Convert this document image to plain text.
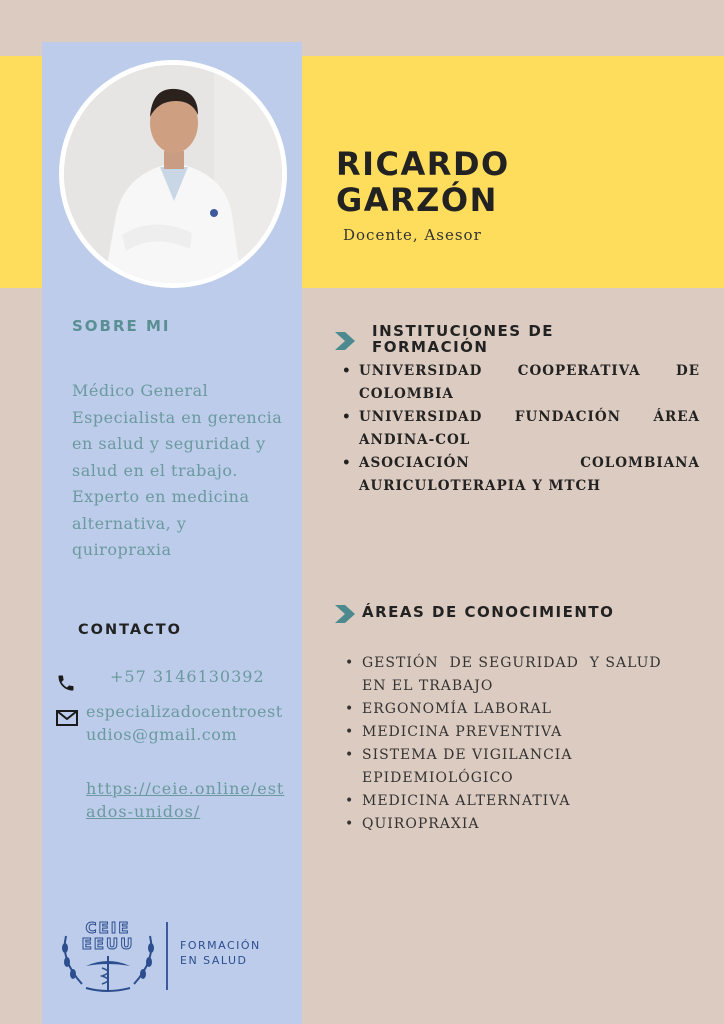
RICARDO
GARZÓN
Docente, Asesor
SOBRE MI
Médico General Especialista en gerencia en salud y seguridad y salud en el trabajo.
Experto en medicina alternativa, y quiropraxia
CONTACTO
+57 3146130392
especializadocentroestudios@gmail.com
https://ceie.online/estados-unidos/
CEIE
EEUU	FORMACIÓN
EN SALUD
INSTITUCIONES DE FORMACIÓN
• UNIVERSIDAD COOPERATIVA DE COLOMBIA
• UNIVERSIDAD FUNDACIÓN ÁREA ANDINA-COL
• ASOCIACIÓN COLOMBIANA AURICULOTERAPIA Y MTCH
ÁREAS DE CONOCIMIENTO
• GESTIÓN  DE SEGURIDAD  Y SALUD EN EL TRABAJO
• ERGONOMÍA LABORAL
• MEDICINA PREVENTIVA
• SISTEMA DE VIGILANCIA EPIDEMIOLÓGICO
• MEDICINA ALTERNATIVA
• QUIROPRAXIA
